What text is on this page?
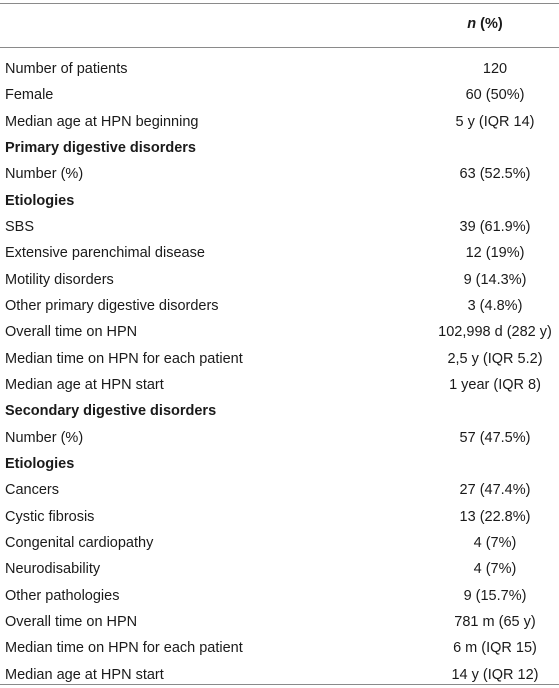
n (%)
Number of patients	120
Female	60 (50%)
Median age at HPN beginning	5 y (IQR 14)
Primary digestive disorders
Number (%)	63 (52.5%)
Etiologies
SBS	39 (61.9%)
Extensive parenchimal disease	12 (19%)
Motility disorders	9 (14.3%)
Other primary digestive disorders	3 (4.8%)
Overall time on HPN	102,998 d (282 y)
Median time on HPN for each patient	2,5 y (IQR 5.2)
Median age at HPN start	1 year (IQR 8)
Secondary digestive disorders
Number (%)	57 (47.5%)
Etiologies
Cancers	27 (47.4%)
Cystic fibrosis	13 (22.8%)
Congenital cardiopathy	4 (7%)
Neurodisability	4 (7%)
Other pathologies	9 (15.7%)
Overall time on HPN	781 m (65 y)
Median time on HPN for each patient	6 m (IQR 15)
Median age at HPN start	14 y (IQR 12)
